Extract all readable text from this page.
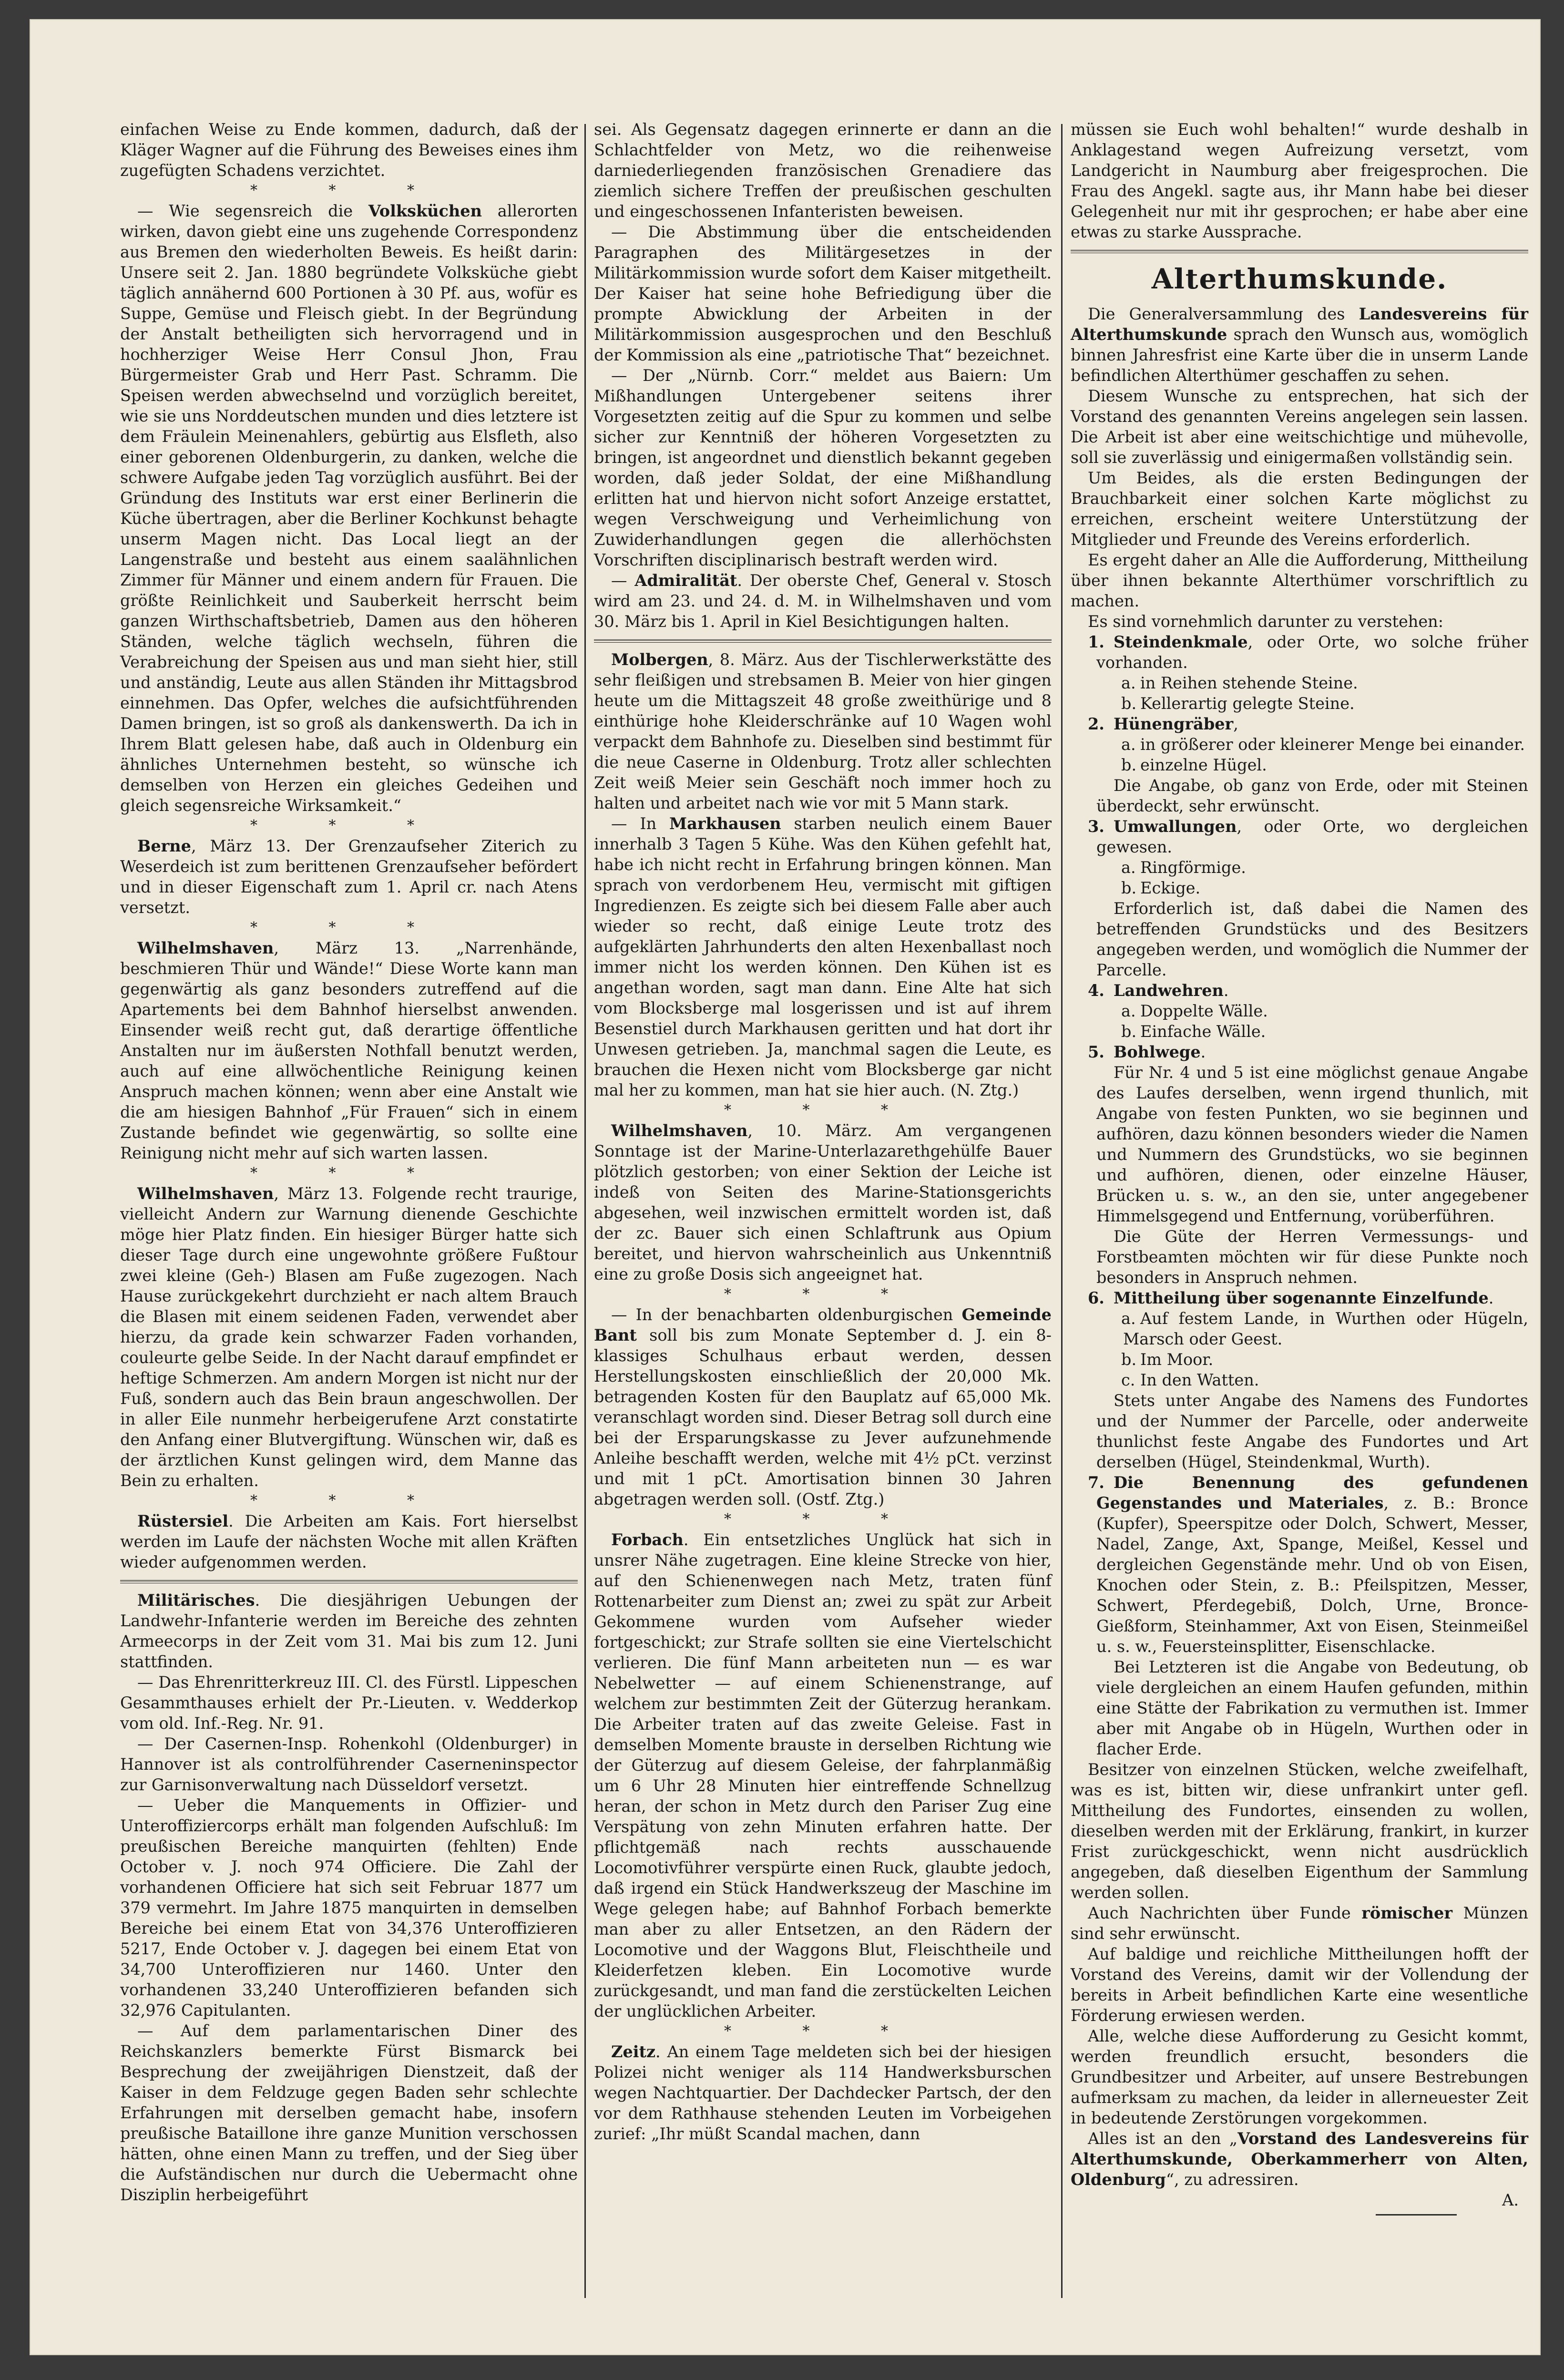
einfachen Weise zu Ende kommen, dadurch, daß der Kläger Wagner auf die Führung des Beweises eines ihm zugefügten Schadens verzichtet.

* * *

— Wie segensreich die Volksküchen allerorten wirken, davon giebt eine uns zugehende Correspondenz aus Bremen den wiederholten Beweis. Es heißt darin: Unsere seit 2. Jan. 1880 begründete Volksküche giebt täglich annähernd 600 Portionen à 30 Pf. aus, wofür es Suppe, Gemüse und Fleisch giebt. In der Begründung der Anstalt betheiligten sich hervorragend und in hochherziger Weise Herr Consul Jhon, Frau Bürgermeister Grab und Herr Past. Schramm. Die Speisen werden abwechselnd und vorzüglich bereitet, wie sie uns Norddeutschen munden und dies letztere ist dem Fräulein Meinenahlers, gebürtig aus Elsfleth, also einer geborenen Oldenburgerin, zu danken, welche die schwere Aufgabe jeden Tag vorzüglich ausführt. Bei der Gründung des Instituts war erst einer Berlinerin die Küche übertragen, aber die Berliner Kochkunst behagte unserm Magen nicht. Das Local liegt an der Langenstraße und besteht aus einem saalähnlichen Zimmer für Männer und einem andern für Frauen. Die größte Reinlichkeit und Sauberkeit herrscht beim ganzen Wirthschaftsbetrieb, Damen aus den höheren Ständen, welche täglich wechseln, führen die Verabreichung der Speisen aus und man sieht hier, still und anständig, Leute aus allen Ständen ihr Mittagsbrod einnehmen. Das Opfer, welches die aufsichtführenden Damen bringen, ist so groß als dankenswerth. Da ich in Ihrem Blatt gelesen habe, daß auch in Oldenburg ein ähnliches Unternehmen besteht, so wünsche ich demselben von Herzen ein gleiches Gedeihen und gleich segensreiche Wirksamkeit.“

* * *

Berne, März 13. Der Grenzaufseher Ziterich zu Weserdeich ist zum berittenen Grenzaufseher befördert und in dieser Eigenschaft zum 1. April cr. nach Atens versetzt.

* * *

Wilhelmshaven, März 13. „Narrenhände, beschmieren Thür und Wände!“ Diese Worte kann man gegenwärtig als ganz besonders zutreffend auf die Apartements bei dem Bahnhof hierselbst anwenden. Einsender weiß recht gut, daß derartige öffentliche Anstalten nur im äußersten Nothfall benutzt werden, auch auf eine allwöchentliche Reinigung keinen Anspruch machen können; wenn aber eine Anstalt wie die am hiesigen Bahnhof „Für Frauen“ sich in einem Zustande befindet wie gegenwärtig, so sollte eine Reinigung nicht mehr auf sich warten lassen.

* * *

Wilhelmshaven, März 13. Folgende recht traurige, vielleicht Andern zur Warnung dienende Geschichte möge hier Platz finden. Ein hiesiger Bürger hatte sich dieser Tage durch eine ungewohnte größere Fußtour zwei kleine (Geh-) Blasen am Fuße zugezogen. Nach Hause zurückgekehrt durchzieht er nach altem Brauch die Blasen mit einem seidenen Faden, verwendet aber hierzu, da grade kein schwarzer Faden vorhanden, couleurte gelbe Seide. In der Nacht darauf empfindet er heftige Schmerzen. Am andern Morgen ist nicht nur der Fuß, sondern auch das Bein braun angeschwollen. Der in aller Eile nunmehr herbeigerufene Arzt constatirte den Anfang einer Blutvergiftung. Wünschen wir, daß es der ärztlichen Kunst gelingen wird, dem Manne das Bein zu erhalten.

* * *

Rüstersiel. Die Arbeiten am Kais. Fort hierselbst werden im Laufe der nächsten Woche mit allen Kräften wieder aufgenommen werden.

Militärisches. Die diesjährigen Uebungen der Landwehr-Infanterie werden im Bereiche des zehnten Armeecorps in der Zeit vom 31. Mai bis zum 12. Juni stattfinden.

— Das Ehrenritterkreuz III. Cl. des Fürstl. Lippeschen Gesammthauses erhielt der Pr.-Lieuten. v. Wedderkop vom old. Inf.-Reg. Nr. 91.

— Der Casernen-Insp. Rohenkohl (Oldenburger) in Hannover ist als controlführender Caserneninspector zur Garnisonverwaltung nach Düsseldorf versetzt.

— Ueber die Manquements in Offizier- und Unteroffiziercorps erhält man folgenden Aufschluß: Im preußischen Bereiche manquirten (fehlten) Ende October v. J. noch 974 Officiere. Die Zahl der vorhandenen Officiere hat sich seit Februar 1877 um 379 vermehrt. Im Jahre 1875 manquirten in demselben Bereiche bei einem Etat von 34,376 Unteroffizieren 5217, Ende October v. J. dagegen bei einem Etat von 34,700 Unteroffizieren nur 1460. Unter den vorhandenen 33,240 Unteroffizieren befanden sich 32,976 Capitulanten.

— Auf dem parlamentarischen Diner des Reichskanzlers bemerkte Fürst Bismarck bei Besprechung der zweijährigen Dienstzeit, daß der Kaiser in dem Feldzuge gegen Baden sehr schlechte Erfahrungen mit derselben gemacht habe, insofern preußische Bataillone ihre ganze Munition verschossen hätten, ohne einen Mann zu treffen, und der Sieg über die Aufständischen nur durch die Uebermacht ohne Disziplin herbeigeführt

sei. Als Gegensatz dagegen erinnerte er dann an die Schlachtfelder von Metz, wo die reihenweise darniederliegenden französischen Grenadiere das ziemlich sichere Treffen der preußischen geschulten und eingeschossenen Infanteristen beweisen.

— Die Abstimmung über die entscheidenden Paragraphen des Militärgesetzes in der Militärkommission wurde sofort dem Kaiser mitgetheilt. Der Kaiser hat seine hohe Befriedigung über die prompte Abwicklung der Arbeiten in der Militärkommission ausgesprochen und den Beschluß der Kommission als eine „patriotische That“ bezeichnet.

— Der „Nürnb. Corr.“ meldet aus Baiern: Um Mißhandlungen Untergebener seitens ihrer Vorgesetzten zeitig auf die Spur zu kommen und selbe sicher zur Kenntniß der höheren Vorgesetzten zu bringen, ist angeordnet und dienstlich bekannt gegeben worden, daß jeder Soldat, der eine Mißhandlung erlitten hat und hiervon nicht sofort Anzeige erstattet, wegen Verschweigung und Verheimlichung von Zuwiderhandlungen gegen die allerhöchsten Vorschriften disciplinarisch bestraft werden wird.

— Admiralität. Der oberste Chef, General v. Stosch wird am 23. und 24. d. M. in Wilhelmshaven und vom 30. März bis 1. April in Kiel Besichtigungen halten.

Molbergen, 8. März. Aus der Tischlerwerkstätte des sehr fleißigen und strebsamen B. Meier von hier gingen heute um die Mittagszeit 48 große zweithürige und 8 einthürige hohe Kleiderschränke auf 10 Wagen wohl verpackt dem Bahnhofe zu. Dieselben sind bestimmt für die neue Caserne in Oldenburg. Trotz aller schlechten Zeit weiß Meier sein Geschäft noch immer hoch zu halten und arbeitet nach wie vor mit 5 Mann stark.

— In Markhausen starben neulich einem Bauer innerhalb 3 Tagen 5 Kühe. Was den Kühen gefehlt hat, habe ich nicht recht in Erfahrung bringen können. Man sprach von verdorbenem Heu, vermischt mit giftigen Ingredienzen. Es zeigte sich bei diesem Falle aber auch wieder so recht, daß einige Leute trotz des aufgeklärten Jahrhunderts den alten Hexenballast noch immer nicht los werden können. Den Kühen ist es angethan worden, sagt man dann. Eine Alte hat sich vom Blocksberge mal losgerissen und ist auf ihrem Besenstiel durch Markhausen geritten und hat dort ihr Unwesen getrieben. Ja, manchmal sagen die Leute, es brauchen die Hexen nicht vom Blocksberge gar nicht mal her zu kommen, man hat sie hier auch. (N. Ztg.)

* * *

Wilhelmshaven, 10. März. Am vergangenen Sonntage ist der Marine-Unterlazarethgehülfe Bauer plötzlich gestorben; von einer Sektion der Leiche ist indeß von Seiten des Marine-Stationsgerichts abgesehen, weil inzwischen ermittelt worden ist, daß der zc. Bauer sich einen Schlaftrunk aus Opium bereitet, und hiervon wahrscheinlich aus Unkenntniß eine zu große Dosis sich angeeignet hat.

* * *

— In der benachbarten oldenburgischen Gemeinde Bant soll bis zum Monate September d. J. ein 8-klassiges Schulhaus erbaut werden, dessen Herstellungskosten einschließlich der 20,000 Mk. betragenden Kosten für den Bauplatz auf 65,000 Mk. veranschlagt worden sind. Dieser Betrag soll durch eine bei der Ersparungskasse zu Jever aufzunehmende Anleihe beschafft werden, welche mit 4½ pCt. verzinst und mit 1 pCt. Amortisation binnen 30 Jahren abgetragen werden soll. (Ostf. Ztg.)

* * *

Forbach. Ein entsetzliches Unglück hat sich in unsrer Nähe zugetragen. Eine kleine Strecke von hier, auf den Schienenwegen nach Metz, traten fünf Rottenarbeiter zum Dienst an; zwei zu spät zur Arbeit Gekommene wurden vom Aufseher wieder fortgeschickt; zur Strafe sollten sie eine Viertelschicht verlieren. Die fünf Mann arbeiteten nun — es war Nebelwetter — auf einem Schienenstrange, auf welchem zur bestimmten Zeit der Güterzug herankam. Die Arbeiter traten auf das zweite Geleise. Fast in demselben Momente brauste in derselben Richtung wie der Güterzug auf diesem Geleise, der fahrplanmäßig um 6 Uhr 28 Minuten hier eintreffende Schnellzug heran, der schon in Metz durch den Pariser Zug eine Verspätung von zehn Minuten erfahren hatte. Der pflichtgemäß nach rechts ausschauende Locomotivführer verspürte einen Ruck, glaubte jedoch, daß irgend ein Stück Handwerkszeug der Maschine im Wege gelegen habe; auf Bahnhof Forbach bemerkte man aber zu aller Entsetzen, an den Rädern der Locomotive und der Waggons Blut, Fleischtheile und Kleiderfetzen kleben. Ein Locomotive wurde zurückgesandt, und man fand die zerstückelten Leichen der unglücklichen Arbeiter.

* * *

Zeitz. An einem Tage meldeten sich bei der hiesigen Polizei nicht weniger als 114 Handwerksburschen wegen Nachtquartier. Der Dachdecker Partsch, der den vor dem Rathhause stehenden Leuten im Vorbeigehen zurief: „Ihr müßt Scandal machen, dann

müssen sie Euch wohl behalten!“ wurde deshalb in Anklagestand wegen Aufreizung versetzt, vom Landgericht in Naumburg aber freigesprochen. Die Frau des Angekl. sagte aus, ihr Mann habe bei dieser Gelegenheit nur mit ihr gesprochen; er habe aber eine etwas zu starke Aussprache.

Alterthumskunde.

Die Generalversammlung des Landesvereins für Alterthumskunde sprach den Wunsch aus, womöglich binnen Jahresfrist eine Karte über die in unserm Lande befindlichen Alterthümer geschaffen zu sehen.

Diesem Wunsche zu entsprechen, hat sich der Vorstand des genannten Vereins angelegen sein lassen. Die Arbeit ist aber eine weitschichtige und mühevolle, soll sie zuverlässig und einigermaßen vollständig sein.

Um Beides, als die ersten Bedingungen der Brauchbarkeit einer solchen Karte möglichst zu erreichen, erscheint weitere Unterstützung der Mitglieder und Freunde des Vereins erforderlich.

Es ergeht daher an Alle die Aufforderung, Mittheilung über ihnen bekannte Alterthümer vorschriftlich zu machen.

Es sind vornehmlich darunter zu verstehen:

1. Steindenkmale, oder Orte, wo solche früher vorhanden.

a. in Reihen stehende Steine.

b. Kellerartig gelegte Steine.

2. Hünengräber,

a. in größerer oder kleinerer Menge bei einander.

b. einzelne Hügel.

Die Angabe, ob ganz von Erde, oder mit Steinen überdeckt, sehr erwünscht.

3. Umwallungen, oder Orte, wo dergleichen gewesen.

a. Ringförmige.

b. Eckige.

Erforderlich ist, daß dabei die Namen des betreffenden Grundstücks und des Besitzers angegeben werden, und womöglich die Nummer der Parcelle.

4. Landwehren.

a. Doppelte Wälle.

b. Einfache Wälle.

5. Bohlwege.

Für Nr. 4 und 5 ist eine möglichst genaue Angabe des Laufes derselben, wenn irgend thunlich, mit Angabe von festen Punkten, wo sie beginnen und aufhören, dazu können besonders wieder die Namen und Nummern des Grundstücks, wo sie beginnen und aufhören, dienen, oder einzelne Häuser, Brücken u. s. w., an den sie, unter angegebener Himmelsgegend und Entfernung, vorüberführen.

Die Güte der Herren Vermessungs- und Forstbeamten möchten wir für diese Punkte noch besonders in Anspruch nehmen.

6. Mittheilung über sogenannte Einzelfunde.

a. Auf festem Lande, in Wurthen oder Hügeln, Marsch oder Geest.

b. Im Moor.

c. In den Watten.

Stets unter Angabe des Namens des Fundortes und der Nummer der Parcelle, oder anderweite thunlichst feste Angabe des Fundortes und Art derselben (Hügel, Steindenkmal, Wurth).

7. Die Benennung des gefundenen Gegenstandes und Materiales, z. B.: Bronce (Kupfer), Speerspitze oder Dolch, Schwert, Messer, Nadel, Zange, Axt, Spange, Meißel, Kessel und dergleichen Gegenstände mehr. Und ob von Eisen, Knochen oder Stein, z. B.: Pfeilspitzen, Messer, Schwert, Pferdegebiß, Dolch, Urne, Bronce-Gießform, Steinhammer, Axt von Eisen, Steinmeißel u. s. w., Feuersteinsplitter, Eisenschlacke.

Bei Letzteren ist die Angabe von Bedeutung, ob viele dergleichen an einem Haufen gefunden, mithin eine Stätte der Fabrikation zu vermuthen ist. Immer aber mit Angabe ob in Hügeln, Wurthen oder in flacher Erde.

Besitzer von einzelnen Stücken, welche zweifelhaft, was es ist, bitten wir, diese unfrankirt unter gefl. Mittheilung des Fundortes, einsenden zu wollen, dieselben werden mit der Erklärung, frankirt, in kurzer Frist zurückgeschickt, wenn nicht ausdrücklich angegeben, daß dieselben Eigenthum der Sammlung werden sollen.

Auch Nachrichten über Funde römischer Münzen sind sehr erwünscht.

Auf baldige und reichliche Mittheilungen hofft der Vorstand des Vereins, damit wir der Vollendung der bereits in Arbeit befindlichen Karte eine wesentliche Förderung erwiesen werden.

Alle, welche diese Aufforderung zu Gesicht kommt, werden freundlich ersucht, besonders die Grundbesitzer und Arbeiter, auf unsere Bestrebungen aufmerksam zu machen, da leider in allerneuester Zeit in bedeutende Zerstörungen vorgekommen.

Alles ist an den „Vorstand des Landesvereins für Alterthumskunde, Oberkammerherr von Alten, Oldenburg“, zu adressiren.

A.
